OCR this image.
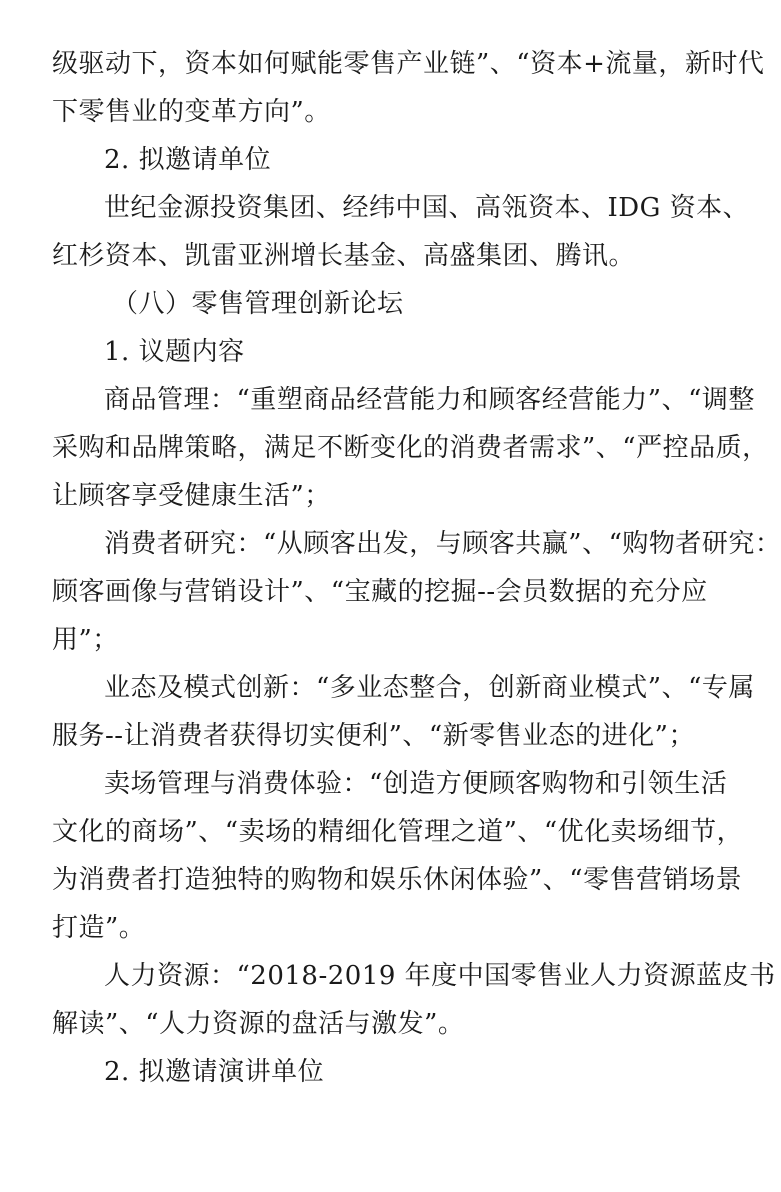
级驱动下，资本如何赋能零售产业链”、“资本+流量，新时代
下零售业的变革方向”。
2. 拟邀请单位
世纪金源投资集团、经纬中国、高瓴资本、IDG 资本、
红杉资本、凯雷亚洲增长基金、高盛集团、腾讯。
（八）零售管理创新论坛
1. 议题内容
商品管理：“重塑商品经营能力和顾客经营能力”、“调整
采购和品牌策略，满足不断变化的消费者需求”、“严控品质，
让顾客享受健康生活”；
消费者研究：“从顾客出发，与顾客共赢”、“购物者研究：
顾客画像与营销设计”、“宝藏的挖掘--会员数据的充分应
用”；
业态及模式创新：“多业态整合，创新商业模式”、“专属
服务--让消费者获得切实便利”、“新零售业态的进化”；
卖场管理与消费体验：“创造方便顾客购物和引领生活
文化的商场”、“卖场的精细化管理之道”、“优化卖场细节，
为消费者打造独特的购物和娱乐休闲体验”、“零售营销场景
打造”。
人力资源：“2018-2019 年度中国零售业人力资源蓝皮书
解读”、“人力资源的盘活与激发”。
2. 拟邀请演讲单位
